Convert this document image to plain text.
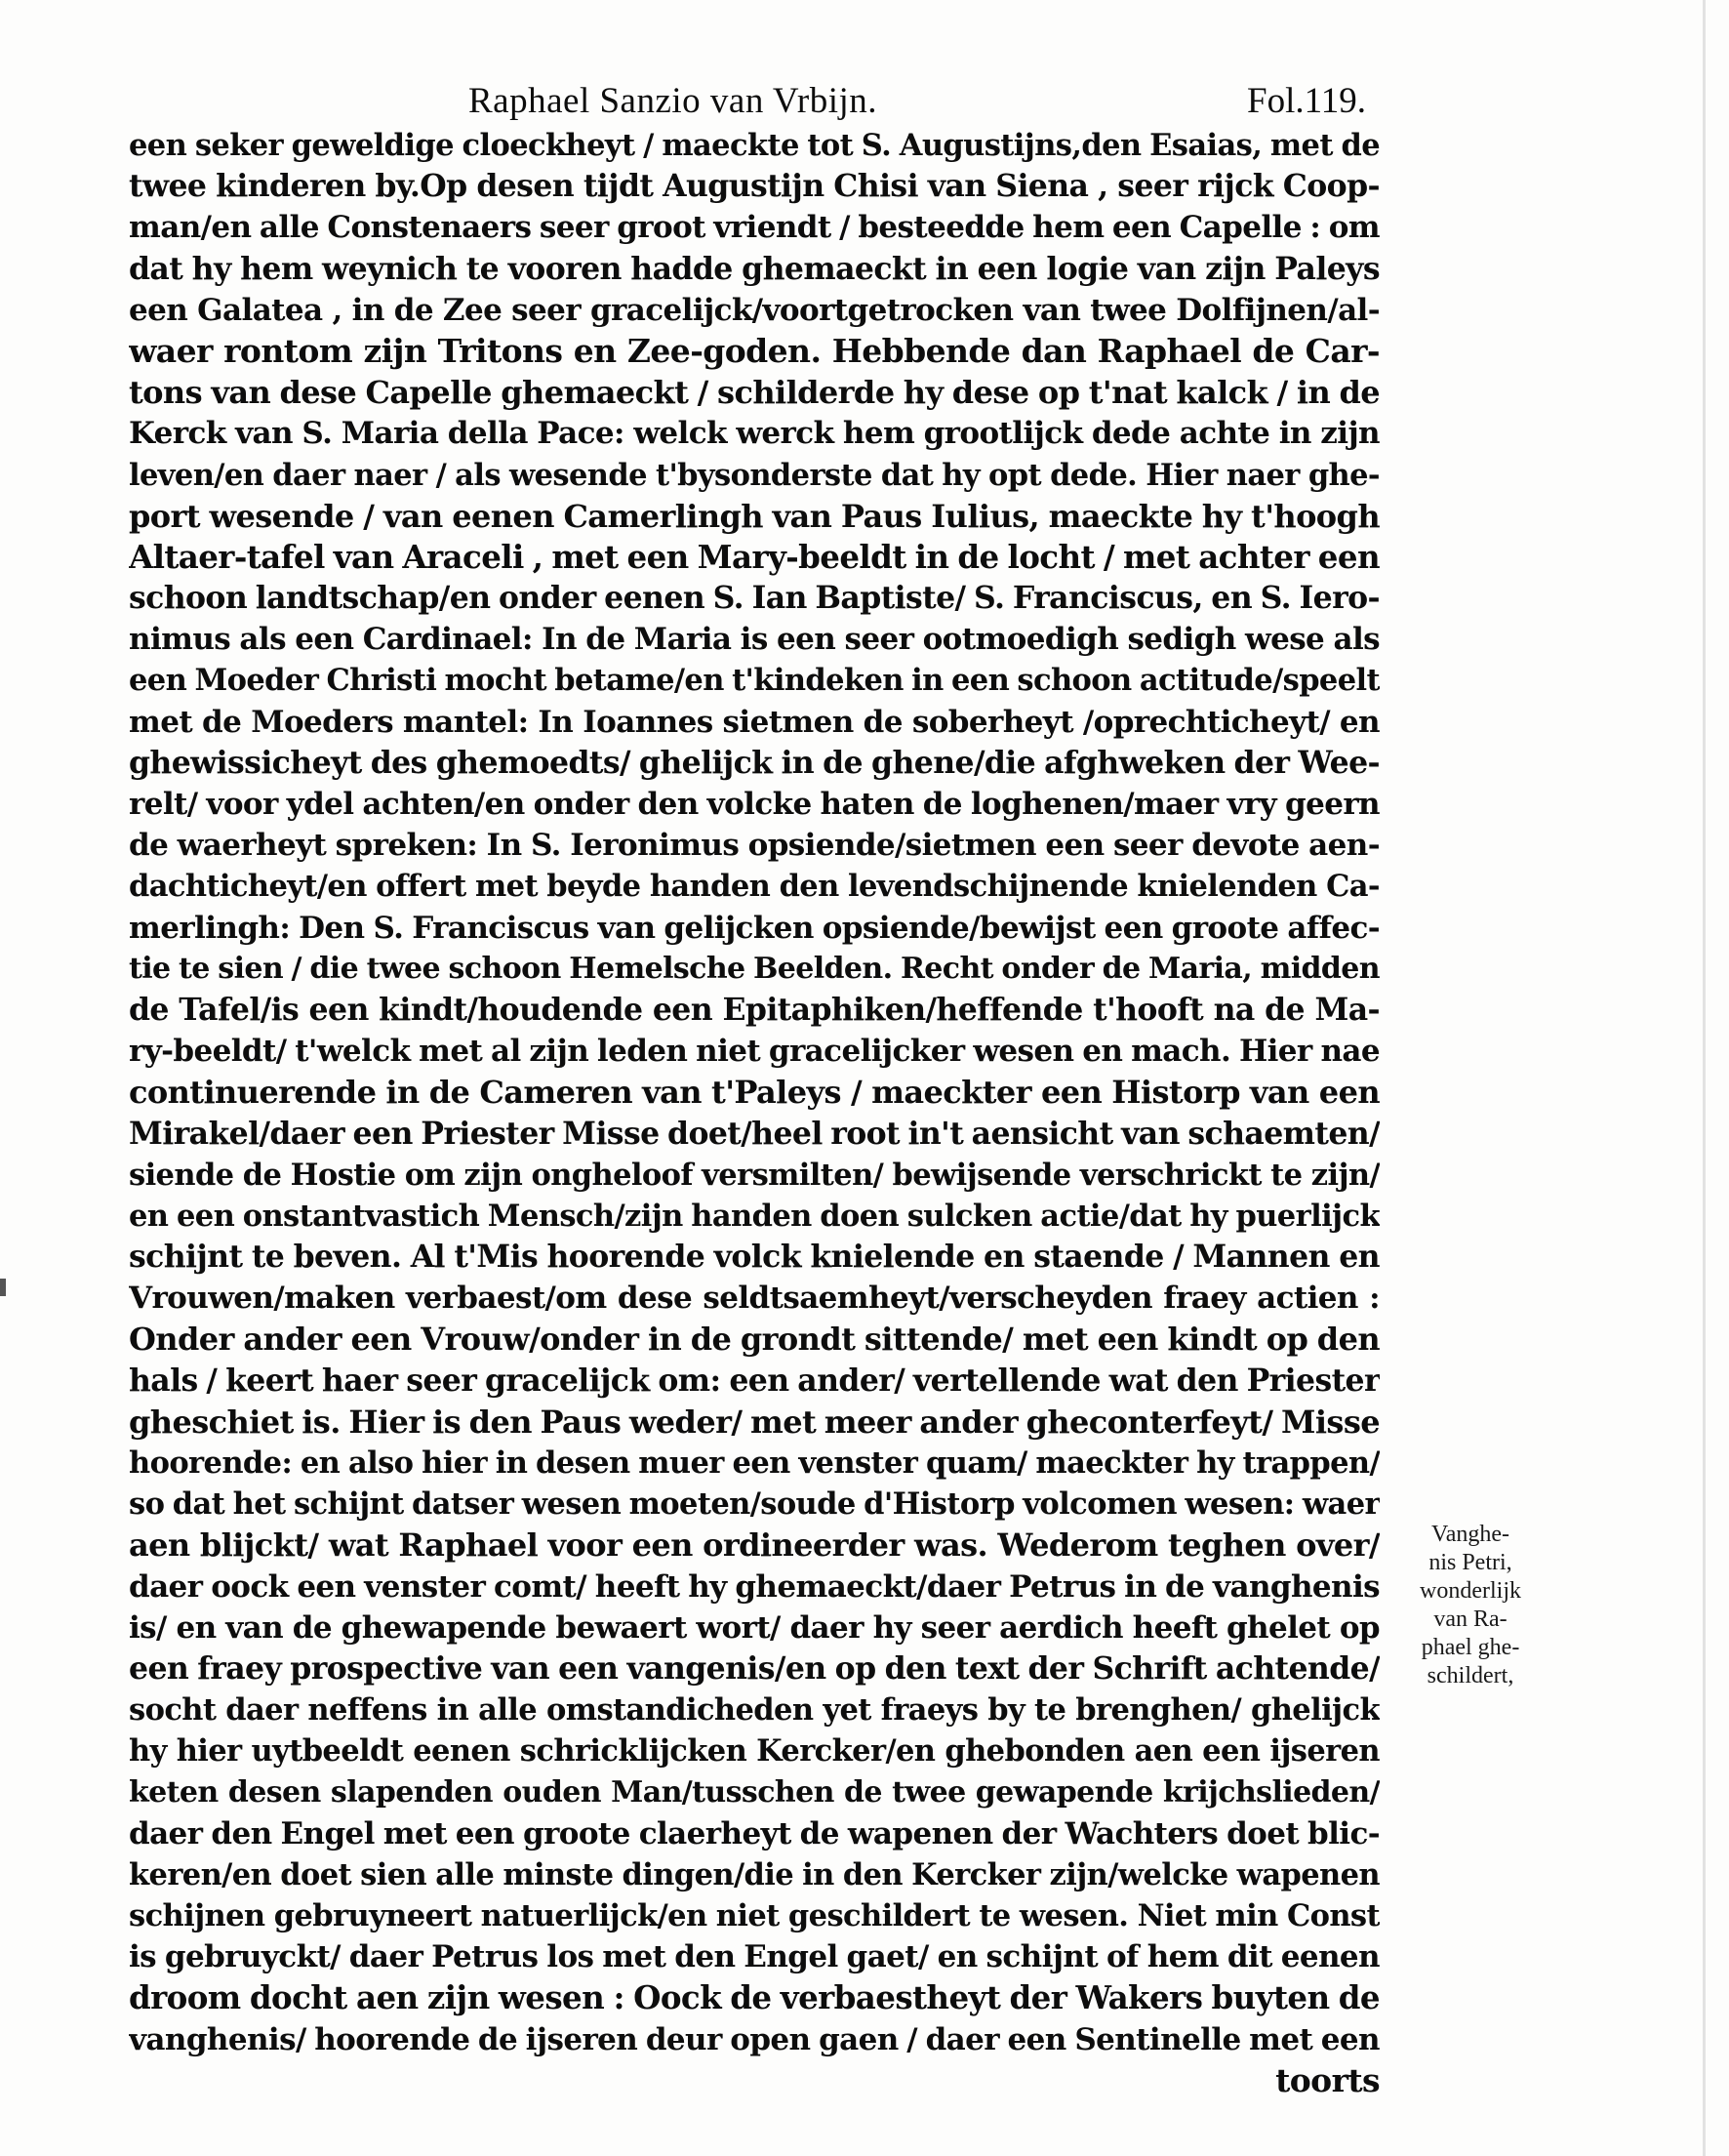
Raphael Sanzio van Vrbijn.	Fol.119.
een seker geweldige cloeckheyt / maeckte tot S. Augustijns,den Esaias, met de
twee kinderen by.Op desen tijdt Augustijn Chisi van Siena , seer rijck Coop-
man/en alle Constenaers seer groot vriendt / besteedde hem een Capelle : om
dat hy hem weynich te vooren hadde ghemaeckt in een logie van zijn Paleys
een Galatea , in de Zee seer gracelijck/voortgetrocken van twee Dolfijnen/al-
waer rontom zijn Tritons en Zee-goden. Hebbende dan Raphael de Car-
tons van dese Capelle ghemaeckt / schilderde hy dese op t'nat kalck / in de
Kerck van S. Maria della Pace: welck werck hem grootlijck dede achte in zijn
leven/en daer naer / als wesende t'bysonderste dat hy opt dede. Hier naer ghe-
port wesende / van eenen Camerlingh van Paus Iulius, maeckte hy t'hoogh
Altaer-tafel van Araceli , met een Mary-beeldt in de locht / met achter een
schoon landtschap/en onder eenen S. Ian Baptiste/ S. Franciscus, en S. Iero-
nimus als een Cardinael: In de Maria is een seer ootmoedigh sedigh wese als
een Moeder Christi mocht betame/en t'kindeken in een schoon actitude/speelt
met de Moeders mantel: In Ioannes sietmen de soberheyt /oprechticheyt/ en
ghewissicheyt des ghemoedts/ ghelijck in de ghene/die afghweken der Wee-
relt/ voor ydel achten/en onder den volcke haten de loghenen/maer vry geern
de waerheyt spreken: In S. Ieronimus opsiende/sietmen een seer devote aen-
dachticheyt/en offert met beyde handen den levendschijnende knielenden Ca-
merlingh: Den S. Franciscus van gelijcken opsiende/bewijst een groote affec-
tie te sien / die twee schoon Hemelsche Beelden. Recht onder de Maria, midden
de Tafel/is een kindt/houdende een Epitaphiken/heffende t'hooft na de Ma-
ry-beeldt/ t'welck met al zijn leden niet gracelijcker wesen en mach. Hier nae
continuerende in de Cameren van t'Paleys / maeckter een Historp van een
Mirakel/daer een Priester Misse doet/heel root in't aensicht van schaemten/
siende de Hostie om zijn ongheloof versmilten/ bewijsende verschrickt te zijn/
en een onstantvastich Mensch/zijn handen doen sulcken actie/dat hy puerlijck
schijnt te beven. Al t'Mis hoorende volck knielende en staende / Mannen en
Vrouwen/maken verbaest/om dese seldtsaemheyt/verscheyden fraey actien :
Onder ander een Vrouw/onder in de grondt sittende/ met een kindt op den
hals / keert haer seer gracelijck om: een ander/ vertellende wat den Priester
gheschiet is. Hier is den Paus weder/ met meer ander gheconterfeyt/ Misse
hoorende: en also hier in desen muer een venster quam/ maeckter hy trappen/
so dat het schijnt datser wesen moeten/soude d'Historp volcomen wesen: waer
aen blijckt/ wat Raphael voor een ordineerder was. Wederom teghen over/
daer oock een venster comt/ heeft hy ghemaeckt/daer Petrus in de vanghenis
is/ en van de ghewapende bewaert wort/ daer hy seer aerdich heeft ghelet op
een fraey prospective van een vangenis/en op den text der Schrift achtende/
socht daer neffens in alle omstandicheden yet fraeys by te brenghen/ ghelijck
hy hier uytbeeldt eenen schricklijcken Kercker/en ghebonden aen een ijseren
keten desen slapenden ouden Man/tusschen de twee gewapende krijchslieden/
daer den Engel met een groote claerheyt de wapenen der Wachters doet blic-
keren/en doet sien alle minste dingen/die in den Kercker zijn/welcke wapenen
schijnen gebruyneert natuerlijck/en niet geschildert te wesen. Niet min Const
is gebruyckt/ daer Petrus los met den Engel gaet/ en schijnt of hem dit eenen
droom docht aen zijn wesen : Oock de verbaestheyt der Wakers buyten de
vanghenis/ hoorende de ijseren deur open gaen / daer een Sentinelle met een
toorts
Vanghe-
nis Petri,
wonderlijk
van Ra-
phael ghe-
schildert,
